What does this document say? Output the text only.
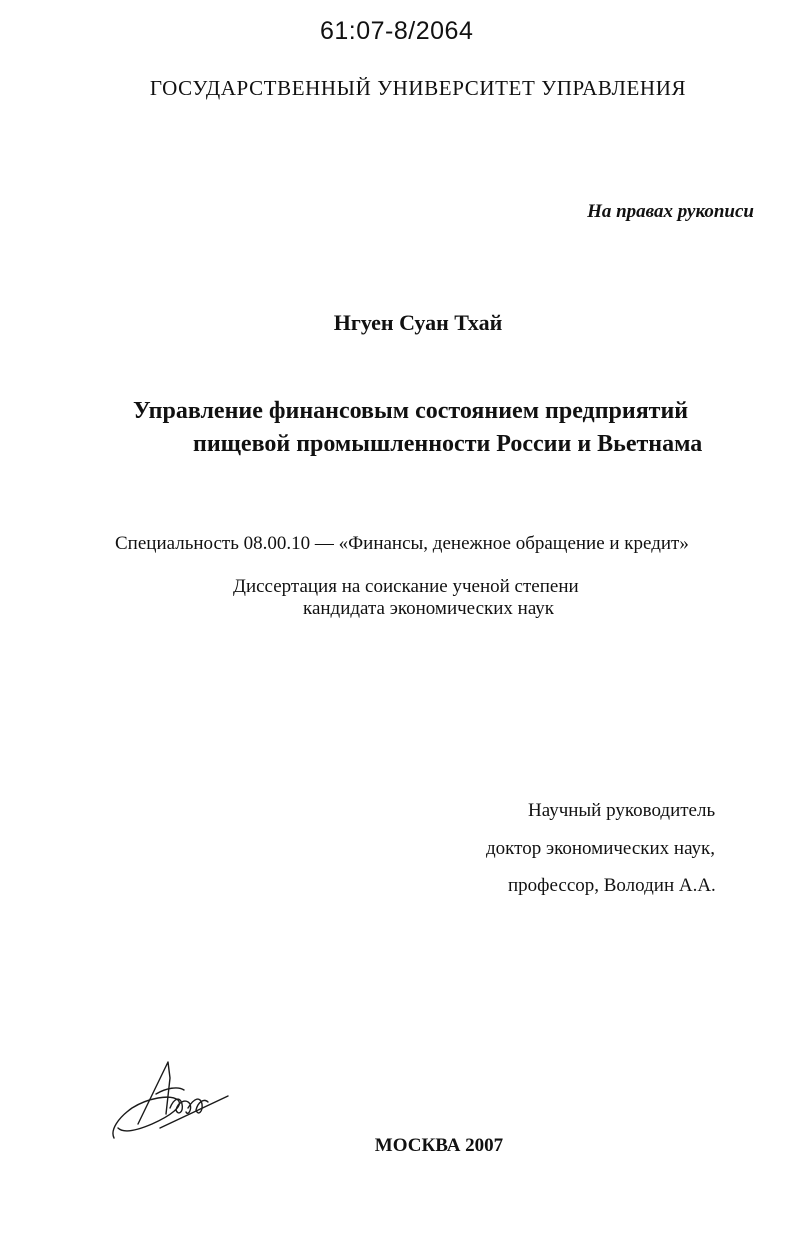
61:07-8/2064
ГОСУДАРСТВЕННЫЙ УНИВЕРСИТЕТ УПРАВЛЕНИЯ
На правах рукописи
Нгуен Суан Тхай
Управление финансовым состоянием предприятий
пищевой промышленности России и Вьетнама
Специальность 08.00.10 — «Финансы, денежное обращение и кредит»
Диссертация на соискание ученой степени
кандидата экономических наук
Научный руководитель
доктор экономических наук,
профессор, Володин А.А.
МОСКВА 2007
